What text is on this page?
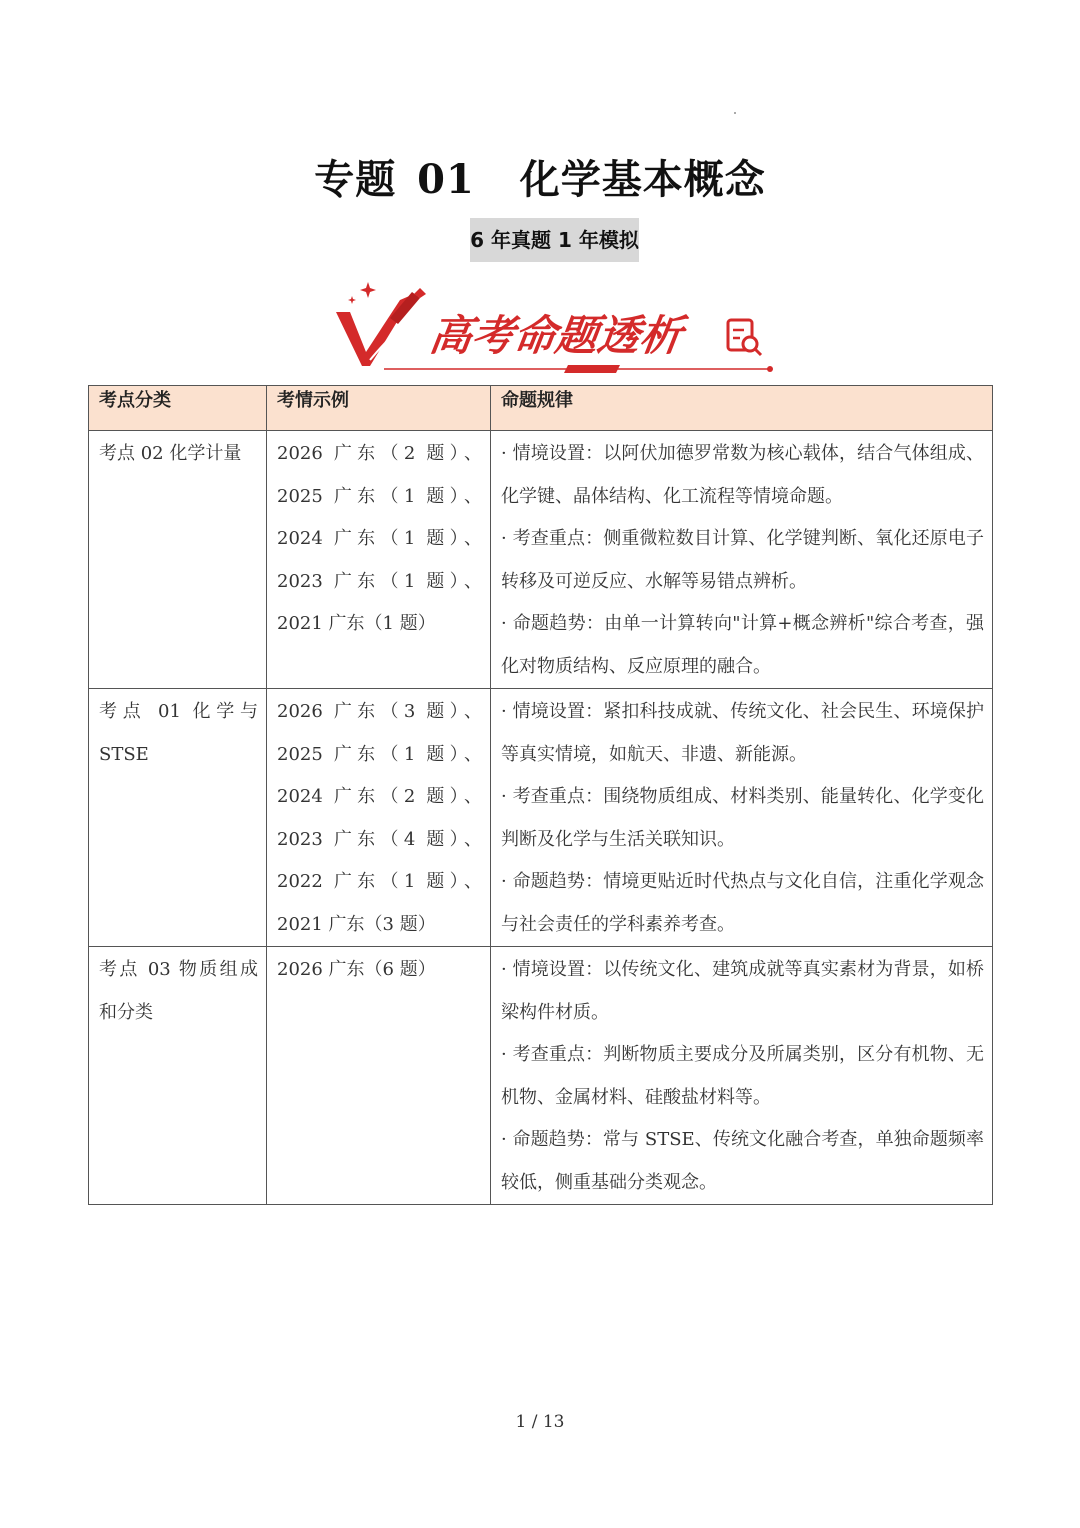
专题 01 化学基本概念
6 年真题 1 年模拟
高考命题透析
考点分类	考情示例	命题规律
考点 02 化学计量	2026 广东（2 题）、2025 广东（1 题）、2024 广东（1 题）、2023 广东（1 题）、2021 广东（1 题）	· 情境设置：以阿伏加德罗常数为核心载体，结合气体组成、化学键、晶体结构、化工流程等情境命题。
· 考查重点：侧重微粒数目计算、化学键判断、氧化还原电子转移及可逆反应、水解等易错点辨析。
· 命题趋势：由单一计算转向"计算+概念辨析"综合考查，强化对物质结构、反应原理的融合。

考点 01 化学与 STSE	2026 广东（3 题）、2025 广东（1 题）、2024 广东（2 题）、2023 广东（4 题）、2022 广东（1 题）、2021 广东（3 题）	· 情境设置：紧扣科技成就、传统文化、社会民生、环境保护等真实情境，如航天、非遗、新能源。
· 考查重点：围绕物质组成、材料类别、能量转化、化学变化判断及化学与生活关联知识。
· 命题趋势：情境更贴近时代热点与文化自信，注重化学观念与社会责任的学科素养考查。

考点 03 物质组成和分类	2026 广东（6 题）	· 情境设置：以传统文化、建筑成就等真实素材为背景，如桥梁构件材质。
· 考查重点：判断物质主要成分及所属类别，区分有机物、无机物、金属材料、硅酸盐材料等。
· 命题趋势：常与 STSE、传统文化融合考查，单独命题频率较低，侧重基础分类观念。
1 / 13
